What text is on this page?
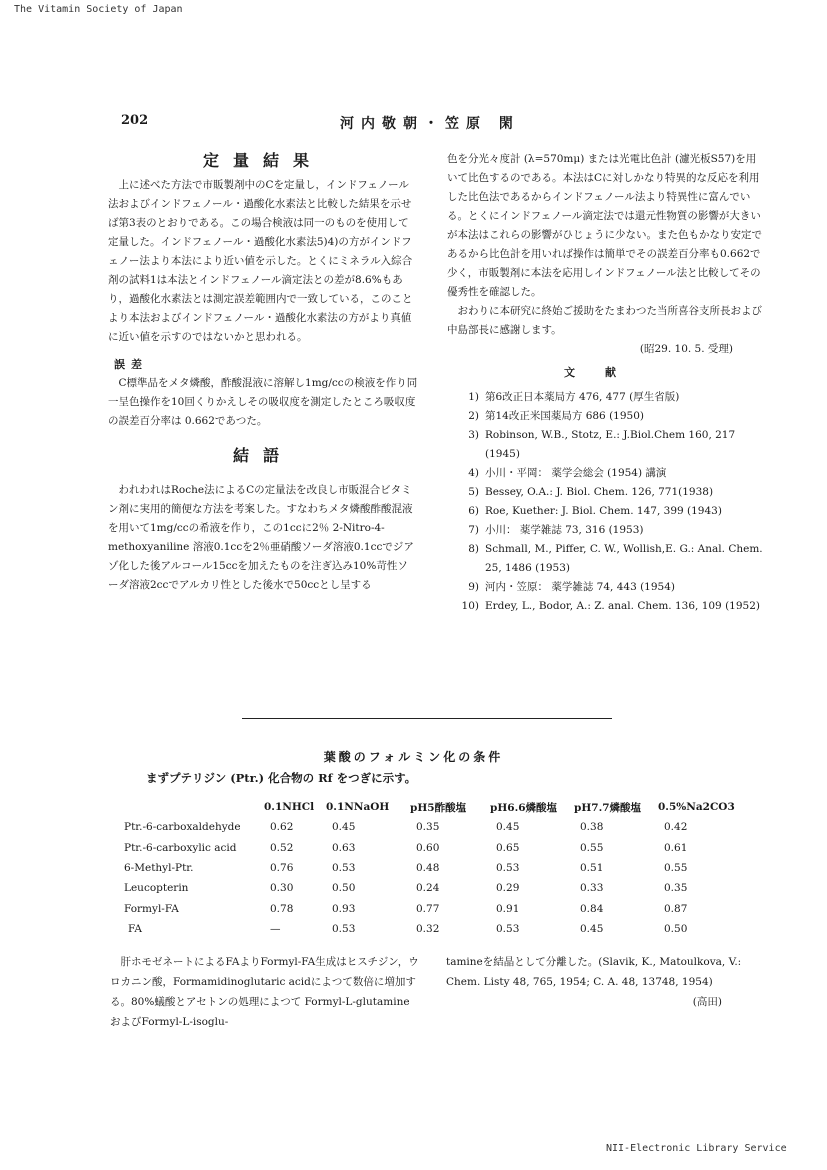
The Vitamin Society of Japan
NII-Electronic Library Service
202	河内敬朝・笠原 閑
定量結果

上に述べた方法で市販製剤中のCを定量し，インドフェノール法およびインドフェノール・過酸化水素法と比較した結果を示せば第3表のとおりである。この場合検液は同一のものを使用して定量した。インドフェノール・過酸化水素法5)4)の方がインドフェノー法より本法により近い値を示した。とくにミネラル入綜合剤の試料1は本法とインドフェノール滴定法との差が8.6%もあり，過酸化水素法とは測定誤差範囲内で一致している，このことより本法およびインドフェノール・過酸化水素法の方がより真値に近い値を示すのではないかと思われる。

誤差

C標準品をメタ燐酸，酢酸混液に溶解し1mg/ccの検液を作り同一呈色操作を10回くりかえしその吸収度を測定したところ吸収度の誤差百分率は 0.662であつた。

結語

われわれはRoche法によるCの定量法を改良し市販混合ビタミン剤に実用的簡便な方法を考案した。すなわちメタ燐酸酢酸混液を用いて1mg/ccの希液を作り，この1ccに2％ 2-Nitro-4-methoxyaniline 溶液0.1ccを2％亜硝酸ソーダ溶液0.1ccでジアゾ化した後アルコール15ccを加えたものを注ぎ込み10%苛性ソーダ溶液2ccでアルカリ性とした後水で50ccとし呈する

色を分光々度計 (λ=570mμ) または光電比色計 (濾光板S57)を用いて比色するのである。本法はCに対しかなり特異的な反応を利用した比色法であるからインドフェノール法より特異性に富んでいる。とくにインドフェノール滴定法では還元性物質の影響が大きいが本法はこれらの影響がひじょうに少ない。また色もかなり安定であるから比色計を用いれば操作は簡単でその誤差百分率も0.662で少く，市販製剤に本法を応用しインドフェノール法と比較してその優秀性を確認した。

おわりに本研究に終始ご援助をたまわつた当所喜谷支所長および中島部長に感謝します。

(昭29. 10. 5. 受理)

文献
1) 第6改正日本薬局方 476, 477 (厚生省版)
2) 第14改正米国薬局方 686 (1950)
3) Robinson, W.B., Stotz, E.: J.Biol.Chem 160, 217 (1945)
4) 小川・平岡： 薬学会総会 (1954) 講演
5) Bessey, O.A.: J. Biol. Chem. 126, 771(1938)
6) Roe, Kuether: J. Biol. Chem. 147, 399 (1943)
7) 小川： 薬学雑誌 73, 316 (1953)
8) Schmall, M., Piffer, C. W., Wollish,E. G.: Anal. Chem. 25, 1486 (1953)
9) 河内・笠原： 薬学雑誌 74, 443 (1954)
10) Erdey, L., Bodor, A.: Z. anal. Chem. 136, 109 (1952)
葉酸のフォルミン化の条件
まずプテリジン (Ptr.) 化合物の Rf をつぎに示す。
	0.1NHCl	0.1NNaOH	pH5酢酸塩	pH6.6燐酸塩	pH7.7燐酸塩	0.5%Na2CO3
Ptr.-6-carboxaldehyde	0.62	0.45	0.35	0.45	0.38	0.42
Ptr.-6-carboxylic acid	0.52	0.63	0.60	0.65	0.55	0.61
6-Methyl-Ptr.	0.76	0.53	0.48	0.53	0.51	0.55
Leucopterin	0.30	0.50	0.24	0.29	0.33	0.35
Formyl-FA	0.78	0.93	0.77	0.91	0.84	0.87
FA	—	0.53	0.32	0.53	0.45	0.50

肝ホモゼネートによるFAよりFormyl-FA生成はヒスチジン，ウロカニン酸，Formamidinoglutaric acidによつて数倍に増加する。80%蟻酸とアセトンの処理によつて Formyl-L-glutamineおよびFormyl-L-isoglu-

tamineを結晶として分離した。(Slavik, K., Matoulkova, V.: Chem. Listy 48, 765, 1954; C. A. 48, 13748, 1954)

(高田)
